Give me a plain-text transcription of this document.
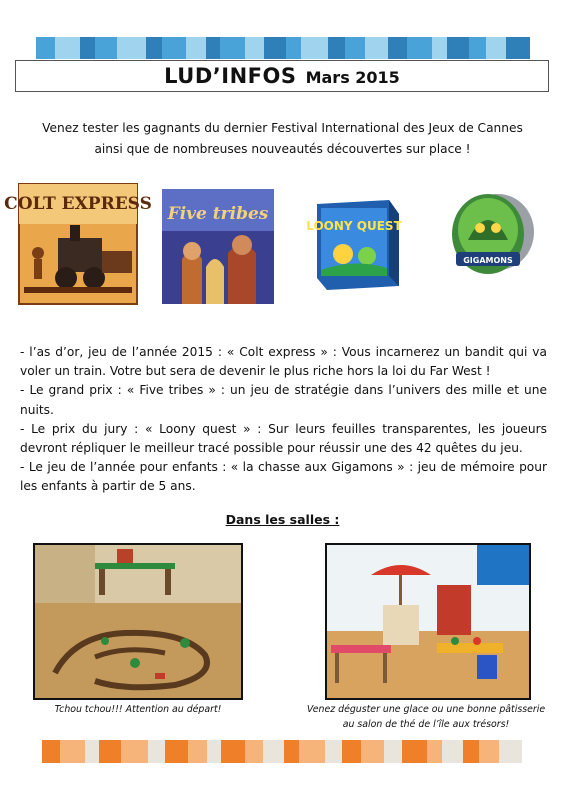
LUD’INFOS Mars 2015
Venez tester les gagnants du dernier Festival International des Jeux de Cannes
ainsi que de nombreuses nouveautés découvertes sur place !
COLT EXPRESS Five tribes
LOONY QUEST
GIGAMONS

- l’as d’or, jeu de l’année 2015 : « Colt express » : Vous incarnerez un bandit qui va voler un train. Votre but sera de devenir le plus riche hors la loi du Far West !

- Le grand prix : « Five tribes » : un jeu de stratégie dans l’univers des mille et une nuits.

- Le prix du jury : « Loony quest » : Sur leurs feuilles transparentes, les joueurs devront répliquer le meilleur tracé possible pour réussir une des 42 quêtes du jeu.

- Le jeu de l’année pour enfants : « la chasse aux Gigamons » : jeu de mémoire pour les enfants à partir de 5 ans.

Dans les salles :
Tchou tchou!!! Attention au départ!	Venez déguster une glace ou une bonne pâtisserie
au salon de thé de l’île aux trésors!
